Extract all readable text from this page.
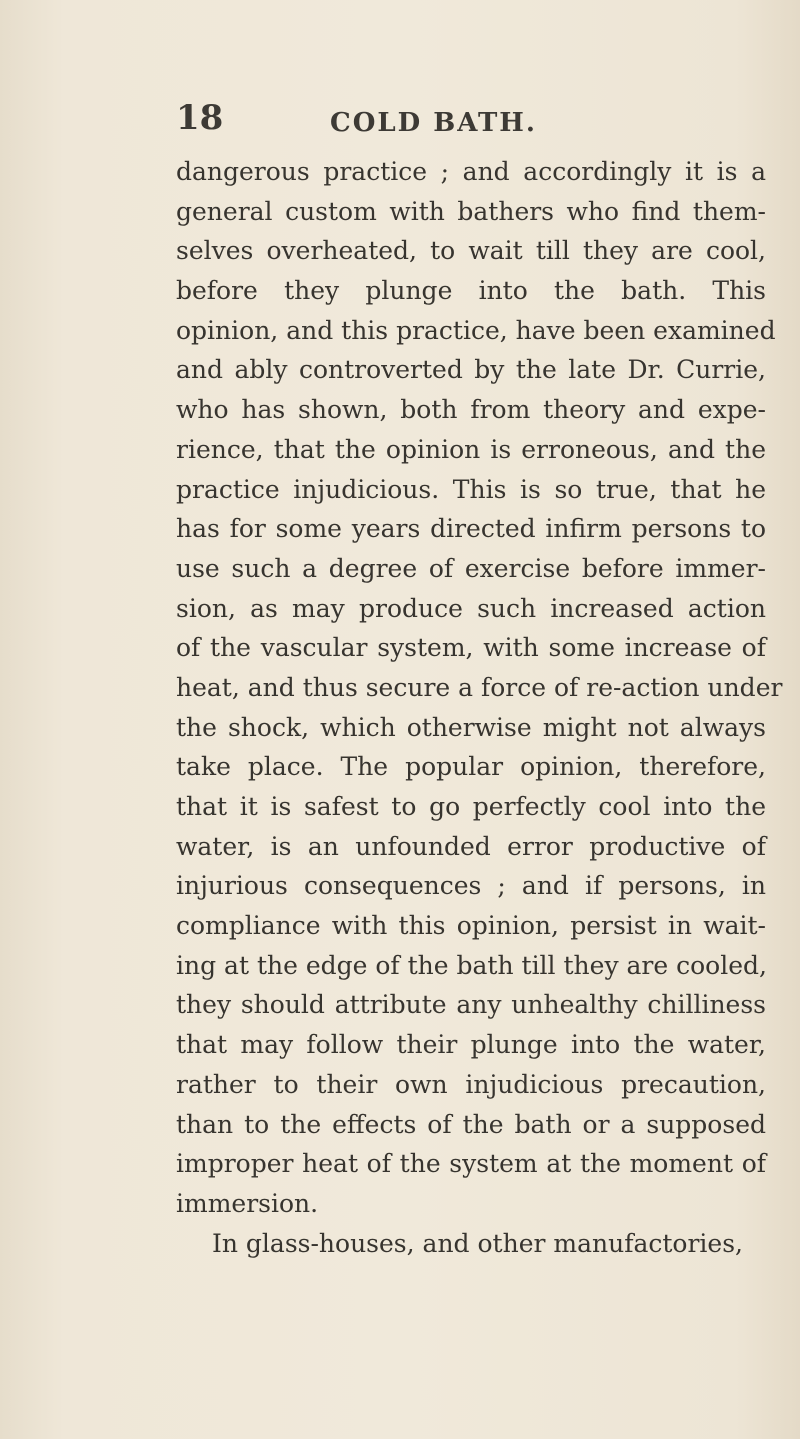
18	COLD BATH.
dangerous practice ; and accordingly it is a
general custom with bathers who find them-
selves overheated, to wait till they are cool,
before they plunge into the bath. This
opinion, and this practice, have been examined
and ably controverted by the late Dr. Currie,
who has shown, both from theory and expe-
rience, that the opinion is erroneous, and the
practice injudicious. This is so true, that he
has for some years directed infirm persons to
use such a degree of exercise before immer-
sion, as may produce such increased action
of the vascular system, with some increase of
heat, and thus secure a force of re-action under
the shock, which otherwise might not always
take place. The popular opinion, therefore,
that it is safest to go perfectly cool into the
water, is an unfounded error productive of
injurious consequences ; and if persons, in
compliance with this opinion, persist in wait-
ing at the edge of the bath till they are cooled,
they should attribute any unhealthy chilliness
that may follow their plunge into the water,
rather to their own injudicious precaution,
than to the effects of the bath or a supposed
improper heat of the system at the moment of
immersion.
In glass-houses, and other manufactories,
